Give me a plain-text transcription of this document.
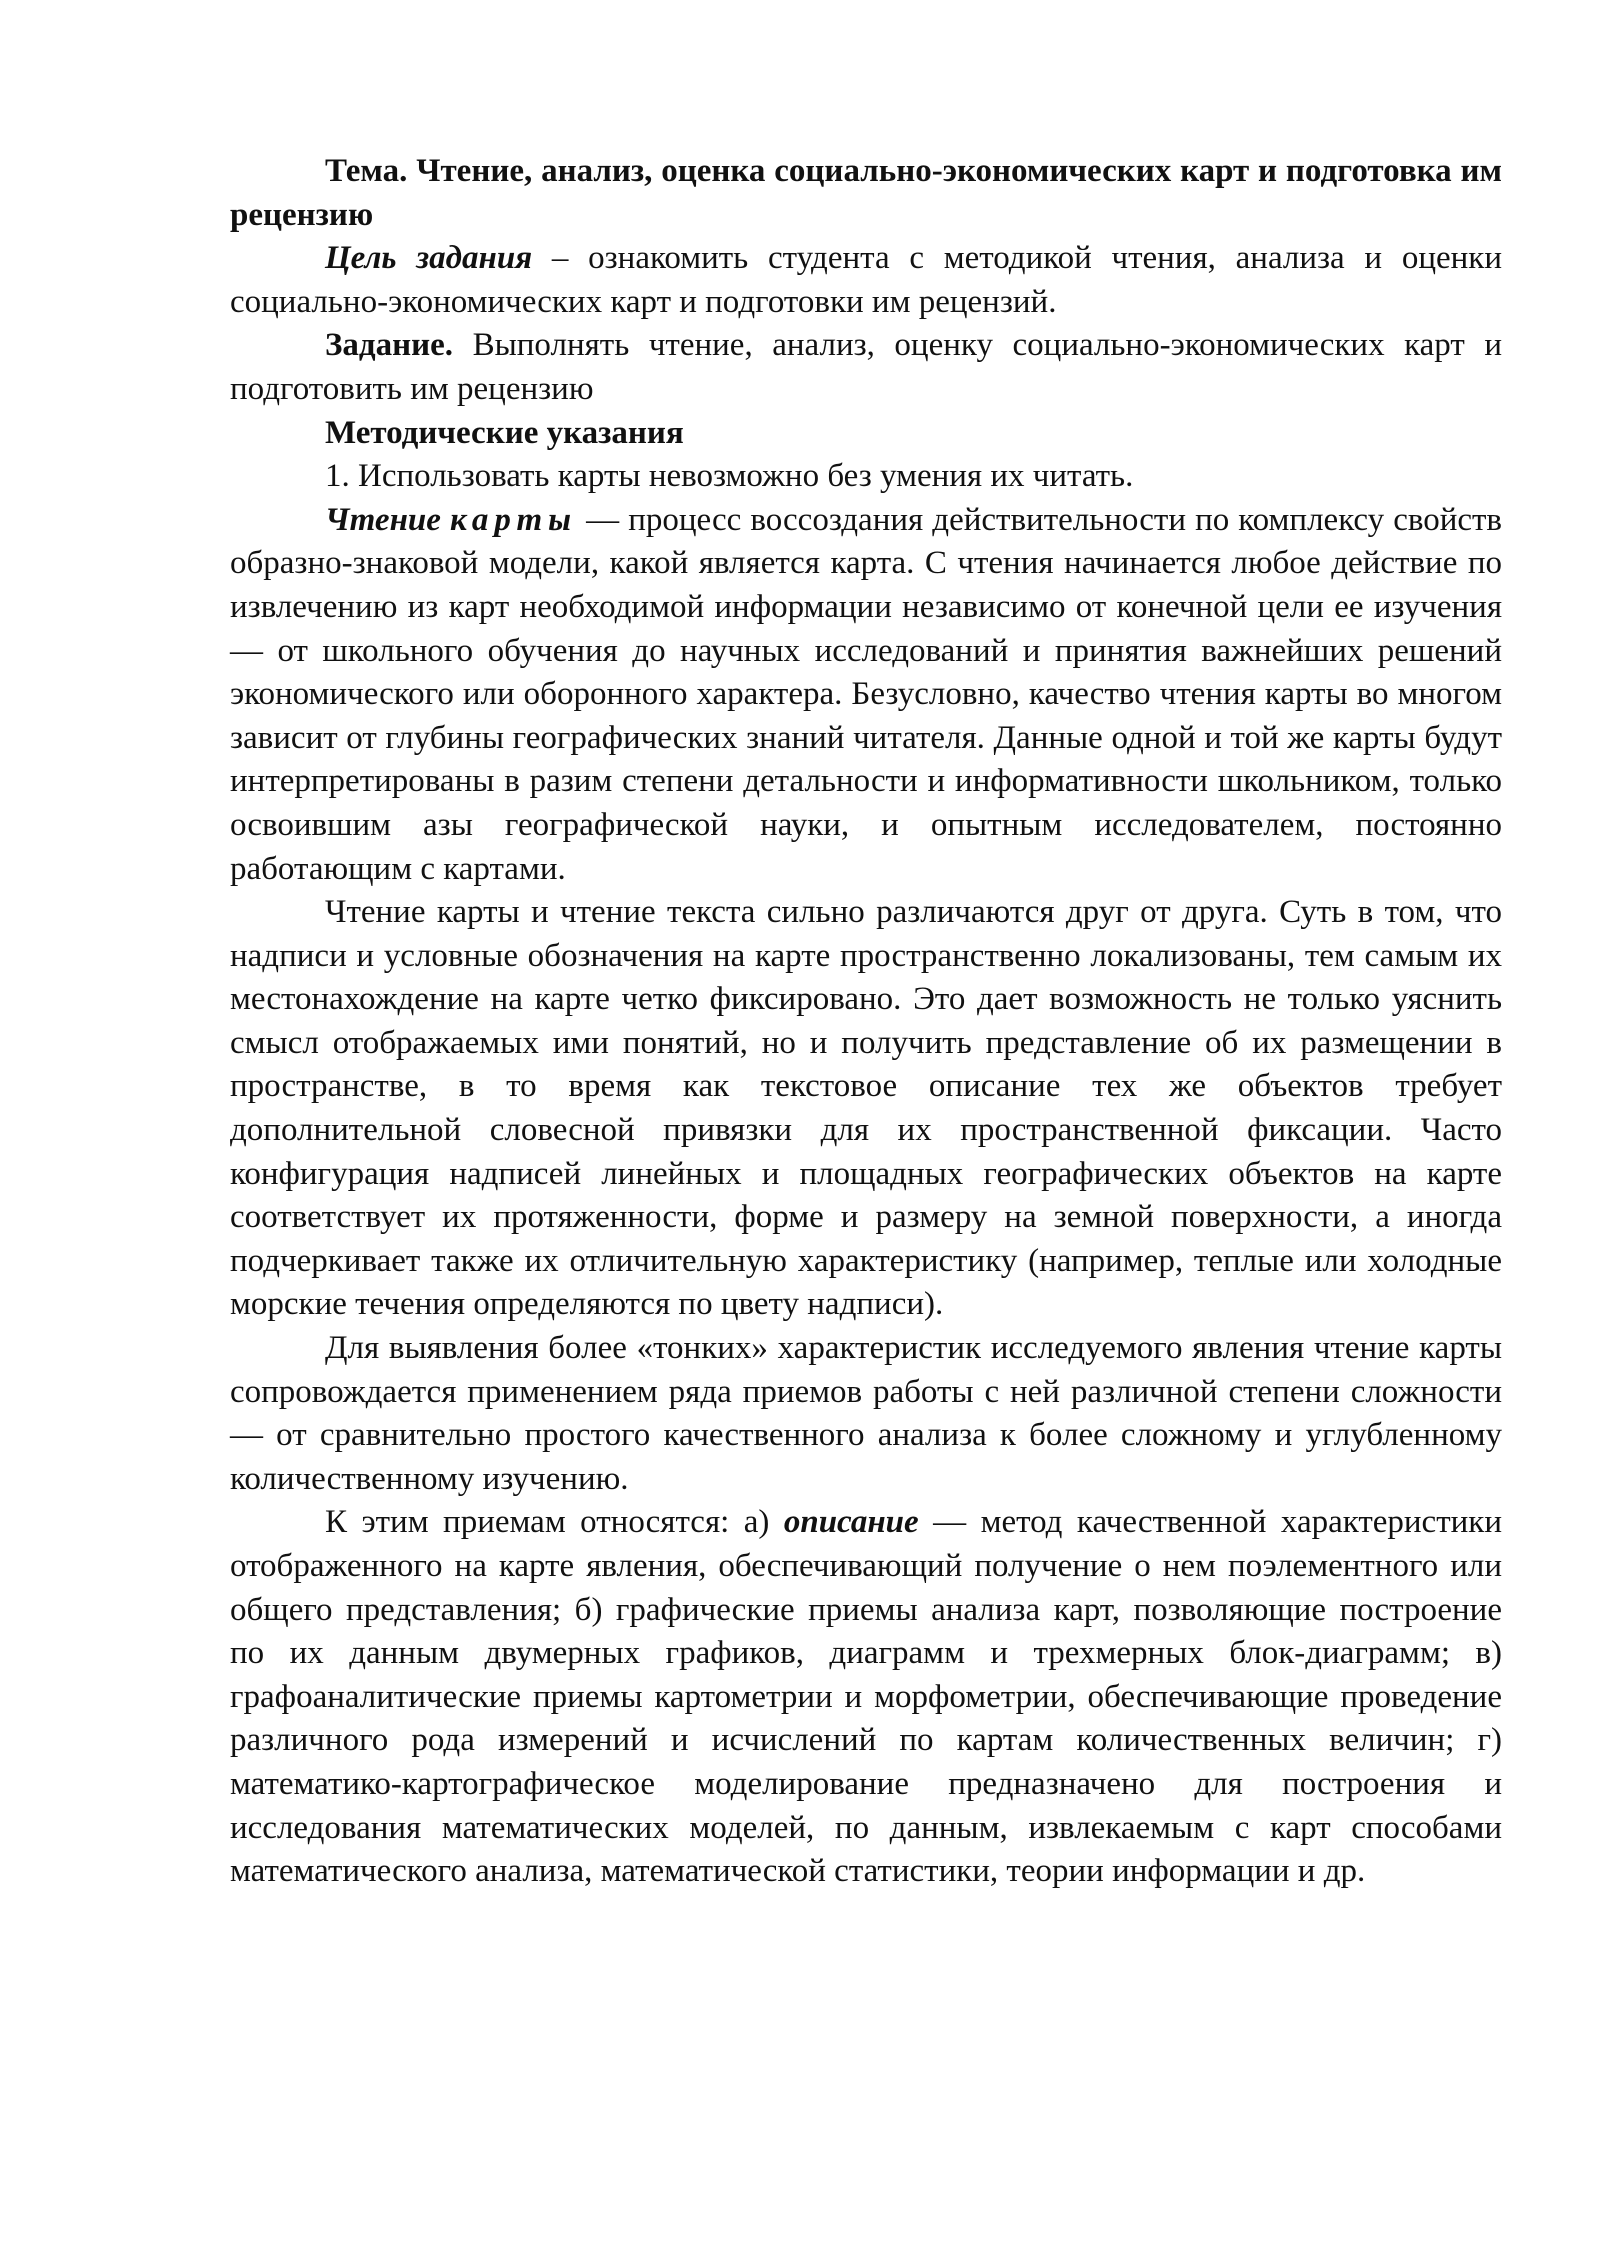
Тема. Чтение, анализ, оценка социально-экономических карт и подготовка им рецензию

Цель задания – ознакомить студента с методикой чтения, анализа и оценки социально-экономических карт и подготовки им рецензий.

Задание. Выполнять чтение, анализ, оценку социально-экономических карт и подготовить им рецензию

Методические указания

1. Использовать карты невозможно без умения их читать.

Чтение карты — процесс воссоздания действительности по комплексу свойств образно-знаковой модели, какой является карта. С чтения начинается любое действие по извлечению из карт необходимой информации независимо от конечной цели ее изучения — от школьного обучения до научных исследований и принятия важнейших решений экономического или оборонного характера. Безусловно, качество чтения карты во многом зависит от глубины географических знаний читателя. Данные одной и той же карты будут интерпретированы в разим степени детальности и информативности школьником, только освоившим азы географической науки, и опытным исследователем, постоянно работающим с картами.

Чтение карты и чтение текста сильно различаются друг от друга. Суть в том, что надписи и условные обозначения на карте пространственно локализованы, тем самым их местонахождение на карте четко фиксировано. Это дает возможность не только уяснить смысл отображаемых ими понятий, но и получить представление об их размещении в пространстве, в то время как текстовое описание тех же объектов требует дополнительной словесной привязки для их пространственной фиксации. Часто конфигурация надписей линейных и площадных географических объектов на карте соответствует их протяженности, форме и размеру на земной поверхности, а иногда подчеркивает также их отличительную характеристику (например, теплые или холодные морские течения определяются по цвету надписи).

Для выявления более «тонких» характеристик исследуемого явления чтение карты сопровождается применением ряда приемов работы с ней различной степени сложности — от сравнительно простого качественного анализа к более сложному и углубленному количественному изучению.

К этим приемам относятся: а) описание — метод качественной характеристики отображенного на карте явления, обеспечивающий получение о нем поэлементного или общего представления; б) графические приемы анализа карт, позволяющие построение по их данным двумерных графиков, диаграмм и трехмерных блок-диаграмм; в) графоаналитические приемы картометрии и морфометрии, обеспечивающие проведение различного рода измерений и исчислений по картам количественных величин; г) математико-картографическое моделирование предназначено для построения и исследования математических моделей, по данным, извлекаемым с карт способами математического анализа, математической статистики, теории информации и др.
